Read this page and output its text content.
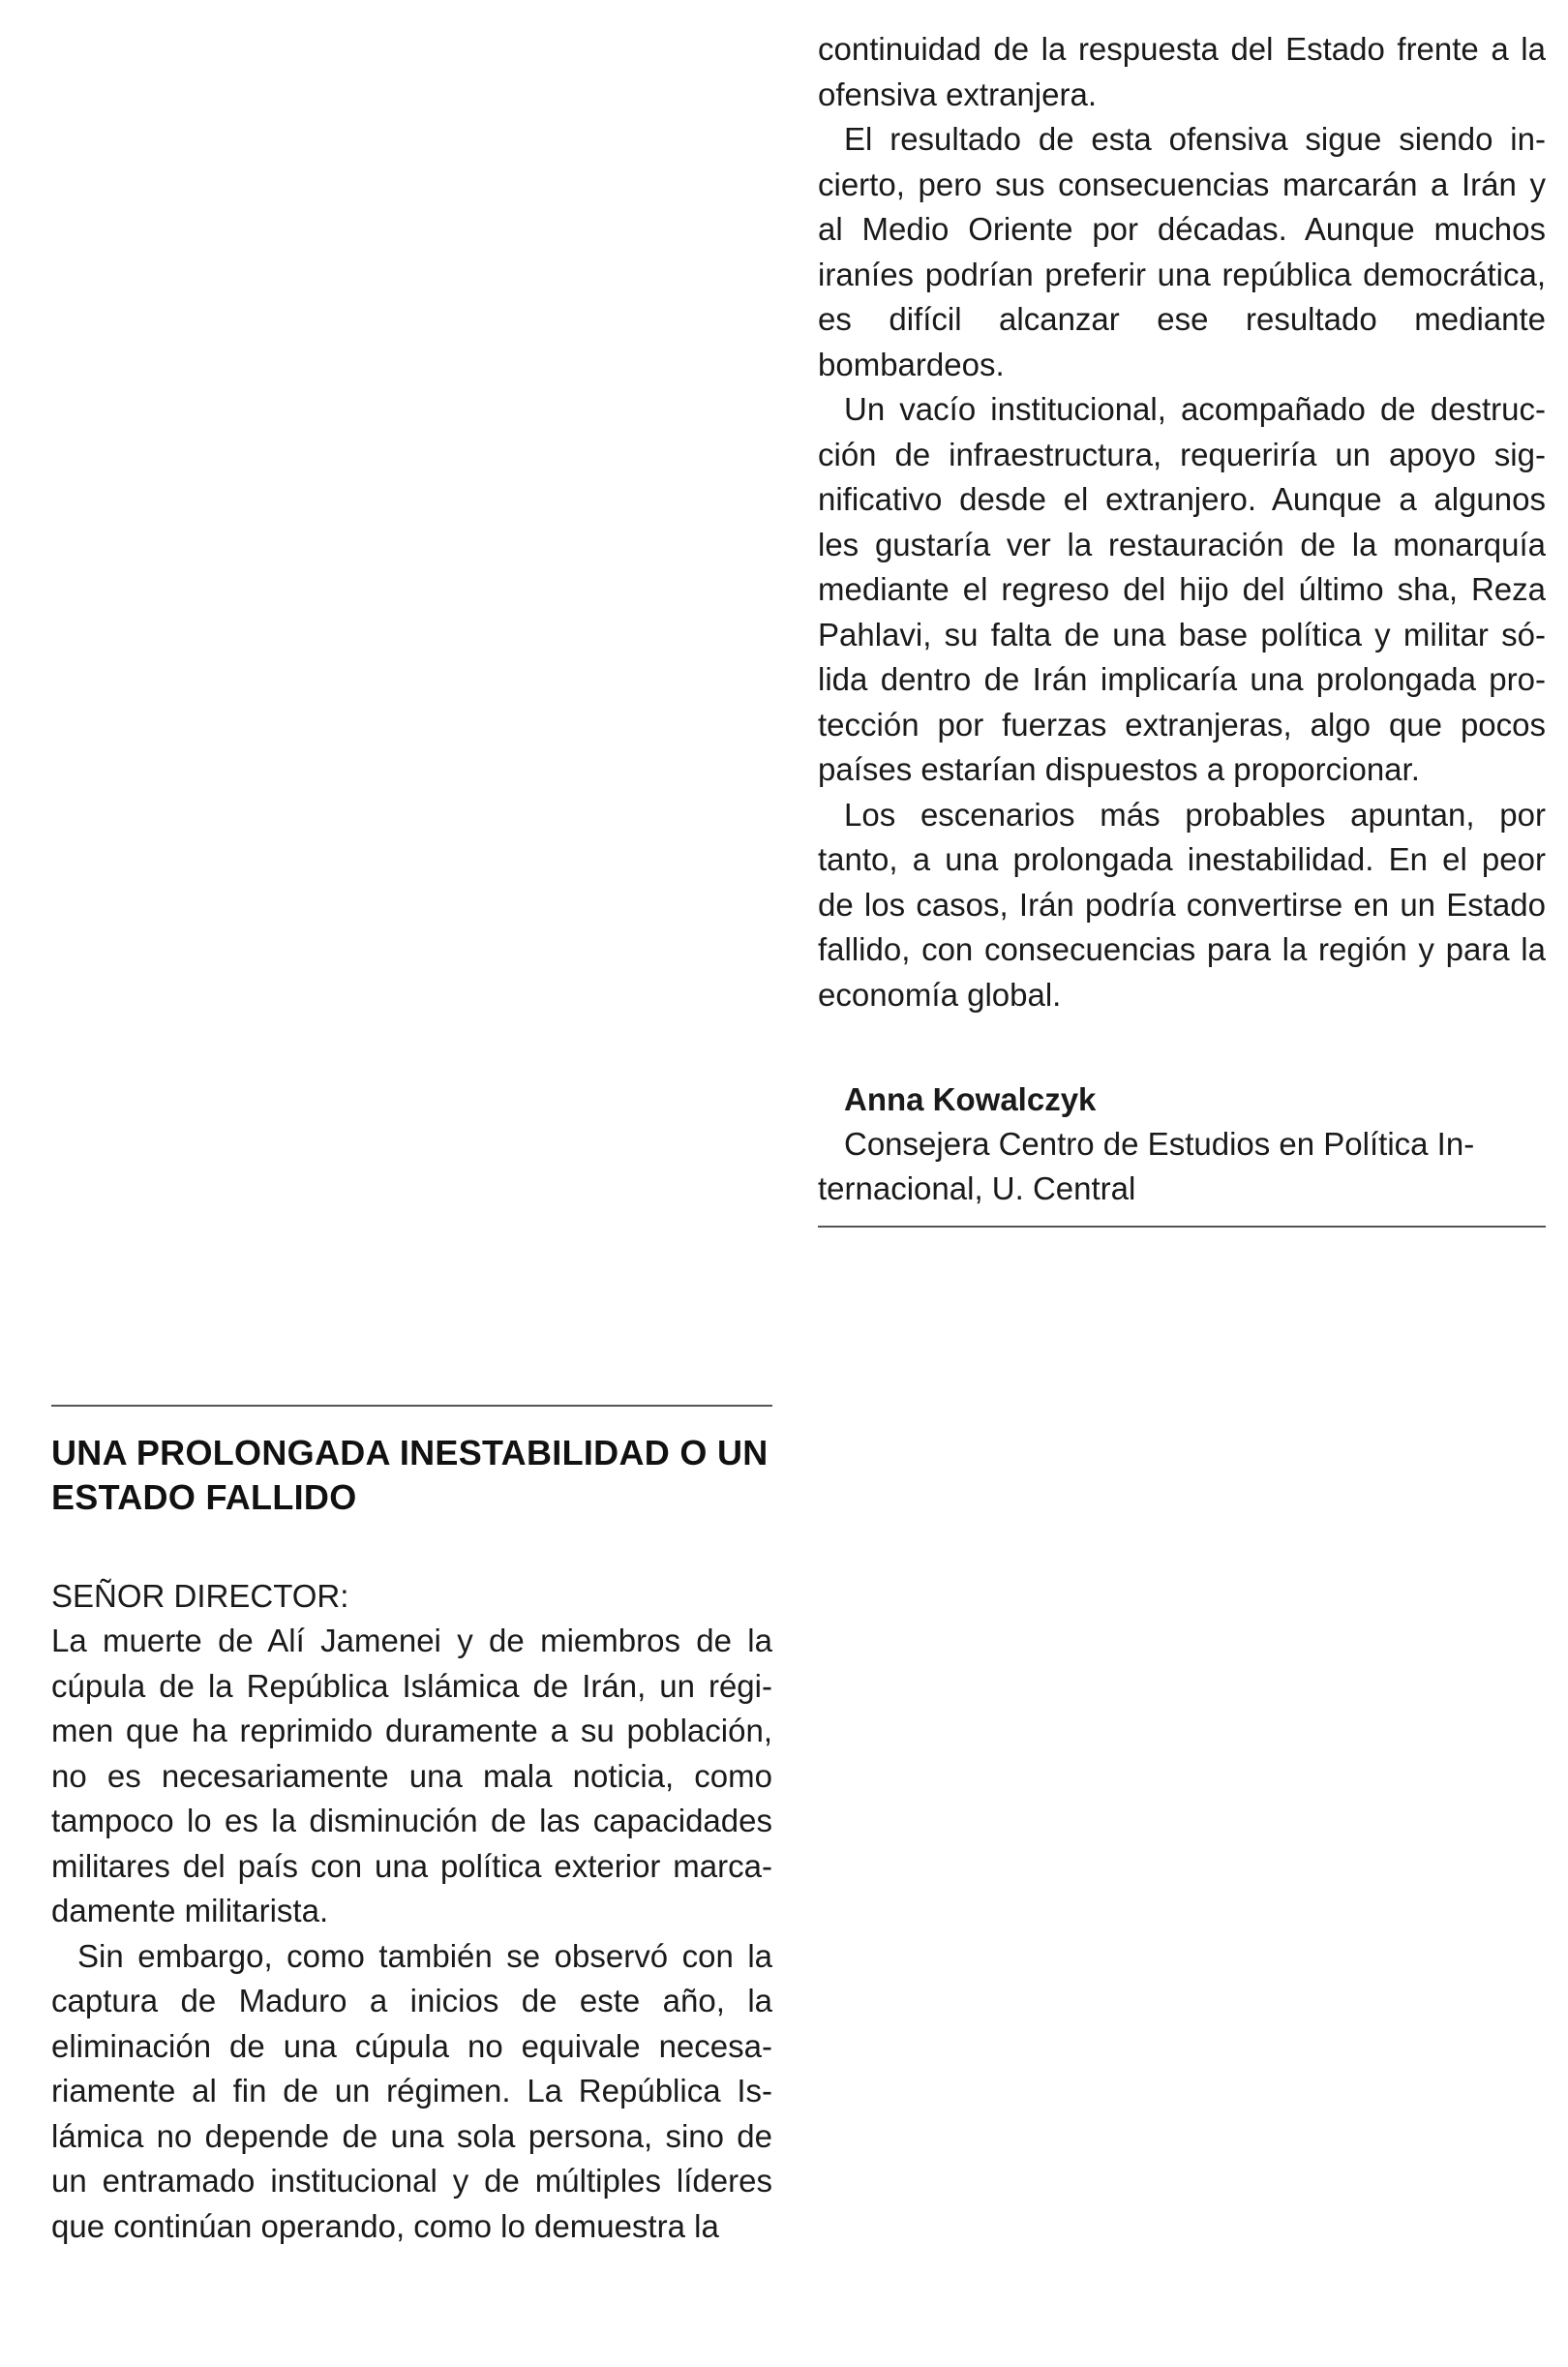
continuidad de la respuesta del Estado frente a la ofensiva extranjera.

El resultado de esta ofensiva sigue siendo incierto, pero sus consecuencias marcarán a Irán y al Medio Oriente por décadas. Aunque muchos iraníes podrían preferir una república democrática, es difícil alcanzar ese resultado mediante bombardeos.

Un vacío institucional, acompañado de destrucción de infraestructura, requeriría un apoyo significativo desde el extranjero. Aunque a algunos les gustaría ver la restauración de la monarquía mediante el regreso del hijo del último sha, Reza Pahlavi, su falta de una base política y militar sólida dentro de Irán implicaría una prolongada protección por fuerzas extranjeras, algo que pocos países estarían dispuestos a proporcionar.

Los escenarios más probables apuntan, por tanto, a una prolongada inestabilidad. En el peor de los casos, Irán podría convertirse en un Estado fallido, con consecuencias para la región y para la economía global.

Anna Kowalczyk

Consejera Centro de Estudios en Política In-ternacional, U. Central

UNA PROLONGADA INESTABILIDAD O UN ESTADO FALLIDO

SEÑOR DIRECTOR:

La muerte de Alí Jamenei y de miembros de la cúpula de la República Islámica de Irán, un régimen que ha reprimido duramente a su población, no es necesariamente una mala noticia, como tampoco lo es la disminución de las capacidades militares del país con una política exterior marcadamente militarista.

Sin embargo, como también se observó con la captura de Maduro a inicios de este año, la eliminación de una cúpula no equivale necesariamente al fin de un régimen. La República Islámica no depende de una sola persona, sino de un entramado institucional y de múltiples líderes que continúan operando, como lo demuestra la
